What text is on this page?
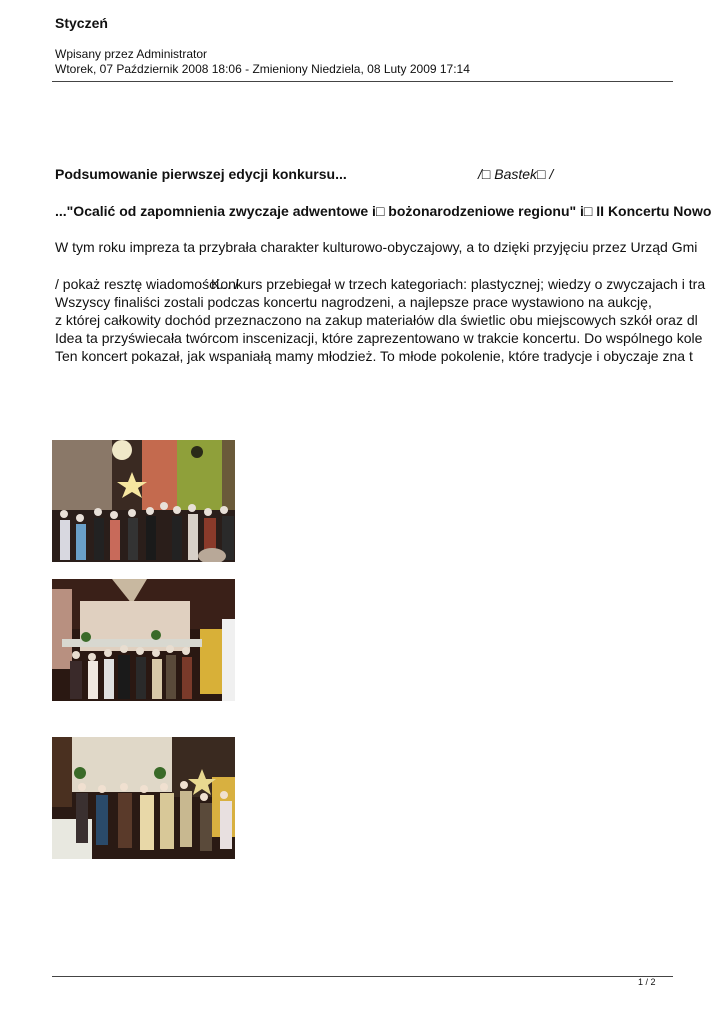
Styczeń
Wpisany przez Administrator
Wtorek, 07 Październik 2008 18:06 - Zmieniony Niedziela, 08 Luty 2009 17:14
Podsumowanie pierwszej edycji konkursu...	/□ Bastek□ /
..."Ocalić od zapomnienia zwyczaje adwentowe i□ bożonarodzeniowe regionu" i□ II Koncertu Nowo
W tym roku impreza ta przybrała charakter kulturowo-obyczajowy, a to dzięki przyjęciu przez Urząd Gmi
/ pokaż resztę wiadomości... /
Konkurs przebiegał w trzech kategoriach: plastycznej; wiedzy o zwyczajach i tra
Wszyscy finaliści zostali podczas koncertu nagrodzeni, a najlepsze prace wystawiono na aukcję,
z której całkowity dochód przeznaczono na zakup materiałów dla świetlic obu miejscowych szkół oraz dl
Idea ta przyświecała twórcom inscenizacji, które zaprezentowano w trakcie koncertu. Do wspólnego kole
Ten koncert pokazał, jak wspaniałą mamy młodzież. To młode pokolenie, które tradycje i obyczaje zna t
1 / 2
